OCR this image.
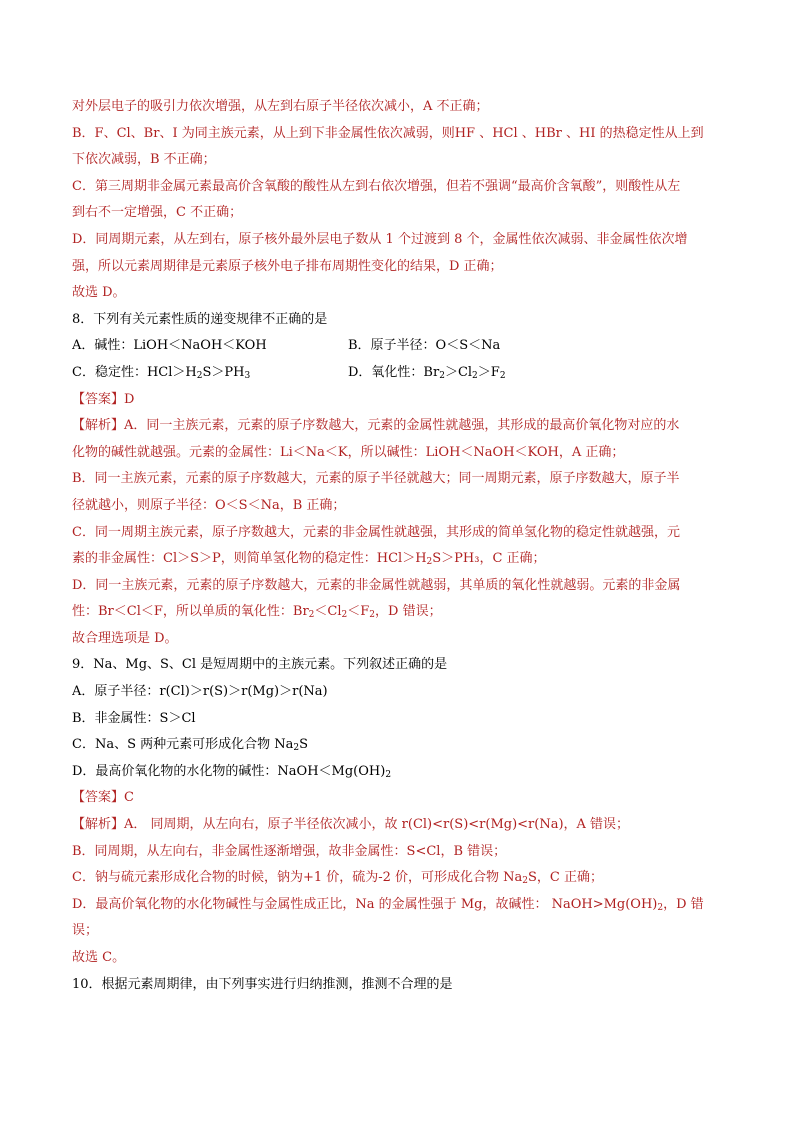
对外层电子的吸引力依次增强，从左到右原子半径依次减小，A 不正确；
B．F、Cl、Br、I 为同主族元素，从上到下非金属性依次减弱，则HF 、HCl 、HBr 、HI 的热稳定性从上到
下依次减弱，B 不正确；
C．第三周期非金属元素最高价含氧酸的酸性从左到右依次增强，但若不强调“最高价含氧酸”，则酸性从左
到右不一定增强，C 不正确；
D．同周期元素，从左到右，原子核外最外层电子数从 1 个过渡到 8 个，金属性依次减弱、非金属性依次增
强，所以元素周期律是元素原子核外电子排布周期性变化的结果，D 正确；
故选 D。
8．下列有关元素性质的递变规律不正确的是
A．碱性：LiOH＜NaOH＜KOH	B．原子半径：O＜S＜Na
C．稳定性：$HCl>H_2S>PH_3$	D．氧化性：$Br_2>Cl_2>F_2$
【答案】D
【解析】A．同一主族元素，元素的原子序数越大，元素的金属性就越强，其形成的最高价氧化物对应的水
化物的碱性就越强。元素的金属性：Li＜Na＜K，所以碱性：LiOH＜NaOH＜KOH，A 正确；
B．同一主族元素，元素的原子序数越大，元素的原子半径就越大；同一周期元素，原子序数越大，原子半
径就越小，则原子半径：O＜S＜Na，B 正确；
C．同一周期主族元素，原子序数越大，元素的非金属性就越强，其形成的简单氢化物的稳定性就越强，元
素的非金属性：Cl＞S＞P，则简单氢化物的稳定性：$HCl>H_2S>PH_3$，C 正确；
D．同一主族元素，元素的原子序数越大，元素的非金属性就越弱，其单质的氧化性就越弱。元素的非金属
性：Br＜Cl＜F，所以单质的氧化性：$Br_2<Cl_2<F_2$，D 错误；
故合理选项是 D。
9．Na、Mg、S、Cl 是短周期中的主族元素。下列叙述正确的是
A．原子半径：r(Cl)＞r(S)＞r(Mg)＞r(Na)
B．非金属性：S＞Cl
C．Na、S 两种元素可形成化合物 $Na_2S$
D．最高价氧化物的水化物的碱性：$NaOH<Mg(OH)_2$
【答案】C
【解析】A． 同周期，从左向右，原子半径依次减小，故 r(Cl)<r(S)<r(Mg)<r(Na)，A 错误；
B．同周期，从左向右，非金属性逐渐增强，故非金属性：S<Cl，B 错误；
C．钠与硫元素形成化合物的时候，钠为+1 价，硫为-2 价，可形成化合物 $Na_2S$，C 正确；
D．最高价氧化物的水化物碱性与金属性成正比，Na 的金属性强于 Mg，故碱性： $NaOH>Mg(OH)_2$，D 错
误；
故选 C。
10．根据元素周期律，由下列事实进行归纳推测，推测不合理的是
